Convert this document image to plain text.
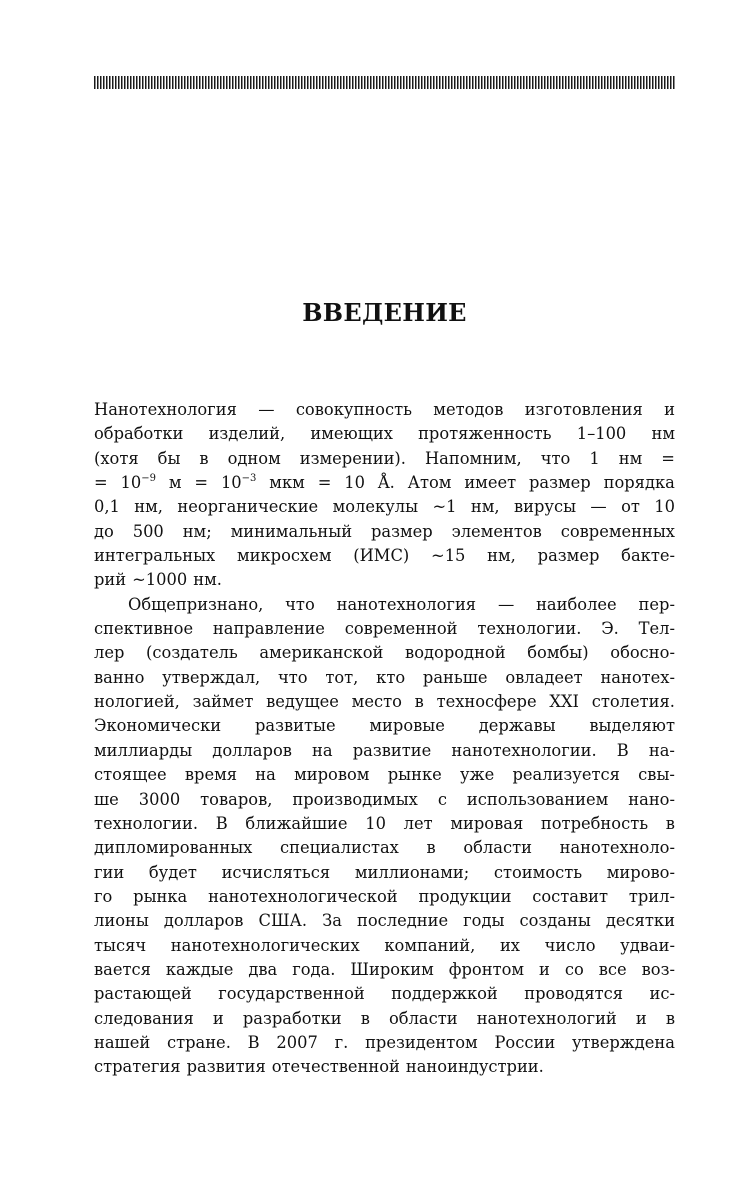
ВВЕДЕНИЕ
Нанотехнология — совокупность методов изготовления и
обработки изделий, имеющих протяженность 1–100 нм
(хотя бы в одном измерении). Напомним, что 1 нм =
= $10^{-9}$ $м = 10^{-3}$ мкм = 10 Å. Атом имеет размер порядка
0,1 нм, неорганические молекулы ~1 нм, вирусы — от 10
до 500 нм; минимальный размер элементов современных
интегральных микросхем (ИМС) ~15 нм, размер бакте-
рий ~1000 нм.
Общепризнано, что нанотехнология — наиболее пер-
спективное направление современной технологии. Э. Тел-
лер (создатель американской водородной бомбы) обосно-
ванно утверждал, что тот, кто раньше овладеет нанотех-
нологией, займет ведущее место в техносфере XXI столетия.
Экономически развитые мировые державы выделяют
миллиарды долларов на развитие нанотехнологии. В на-
стоящее время на мировом рынке уже реализуется свы-
ше 3000 товаров, производимых с использованием нано-
технологии. В ближайшие 10 лет мировая потребность в
дипломированных специалистах в области нанотехноло-
гии будет исчисляться миллионами; стоимость мирово-
го рынка нанотехнологической продукции составит трил-
лионы долларов США. За последние годы созданы десятки
тысяч нанотехнологических компаний, их число удваи-
вается каждые два года. Широким фронтом и со все воз-
растающей государственной поддержкой проводятся ис-
следования и разработки в области нанотехнологий и в
нашей стране. В 2007 г. президентом России утверждена
стратегия развития отечественной наноиндустрии.
